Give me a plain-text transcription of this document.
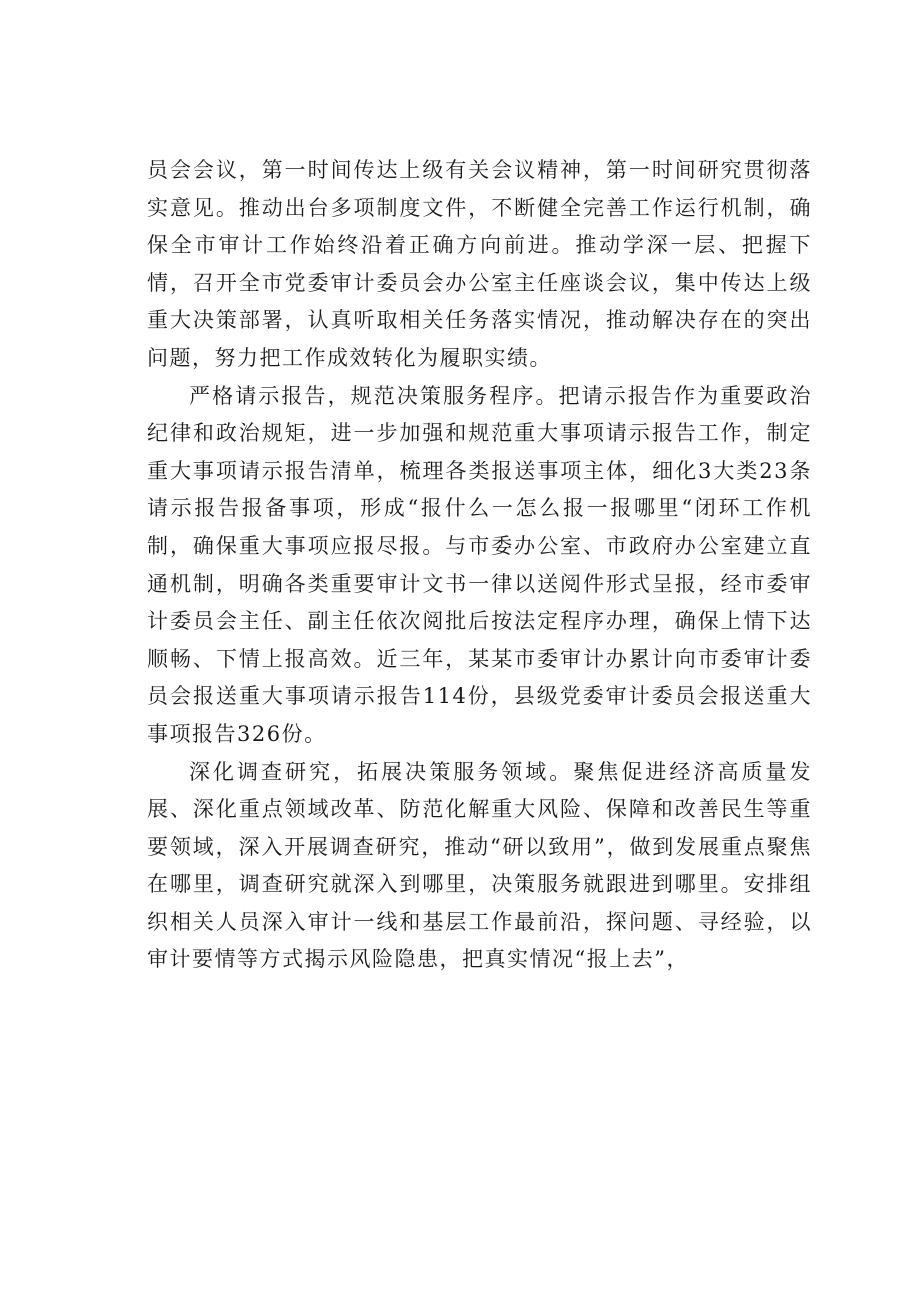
员会会议，第一时间传达上级有关会议精神，第一时间研究贯彻落实意见。推动出台多项制度文件，不断健全完善工作运行机制，确保全市审计工作始终沿着正确方向前进。推动学深一层、把握下情，召开全市党委审计委员会办公室主任座谈会议，集中传达上级重大决策部署，认真听取相关任务落实情况，推动解决存在的突出问题，努力把工作成效转化为履职实绩。

严格请示报告，规范决策服务程序。把请示报告作为重要政治纪律和政治规矩，进一步加强和规范重大事项请示报告工作，制定重大事项请示报告清单，梳理各类报送事项主体，细化3大类23条请示报告报备事项，形成“报什么一怎么报一报哪里“闭环工作机制，确保重大事项应报尽报。与市委办公室、市政府办公室建立直通机制，明确各类重要审计文书一律以送阅件形式呈报，经市委审计委员会主任、副主任依次阅批后按法定程序办理，确保上情下达顺畅、下情上报高效。近三年，某某市委审计办累计向市委审计委员会报送重大事项请示报告114份，县级党委审计委员会报送重大事项报告326份。

深化调查研究，拓展决策服务领域。聚焦促进经济高质量发展、深化重点领域改革、防范化解重大风险、保障和改善民生等重要领域，深入开展调查研究，推动“研以致用”，做到发展重点聚焦在哪里，调查研究就深入到哪里，决策服务就跟进到哪里。安排组织相关人员深入审计一线和基层工作最前沿，探问题、寻经验，以审计要情等方式揭示风险隐患，把真实情况“报上去”，
